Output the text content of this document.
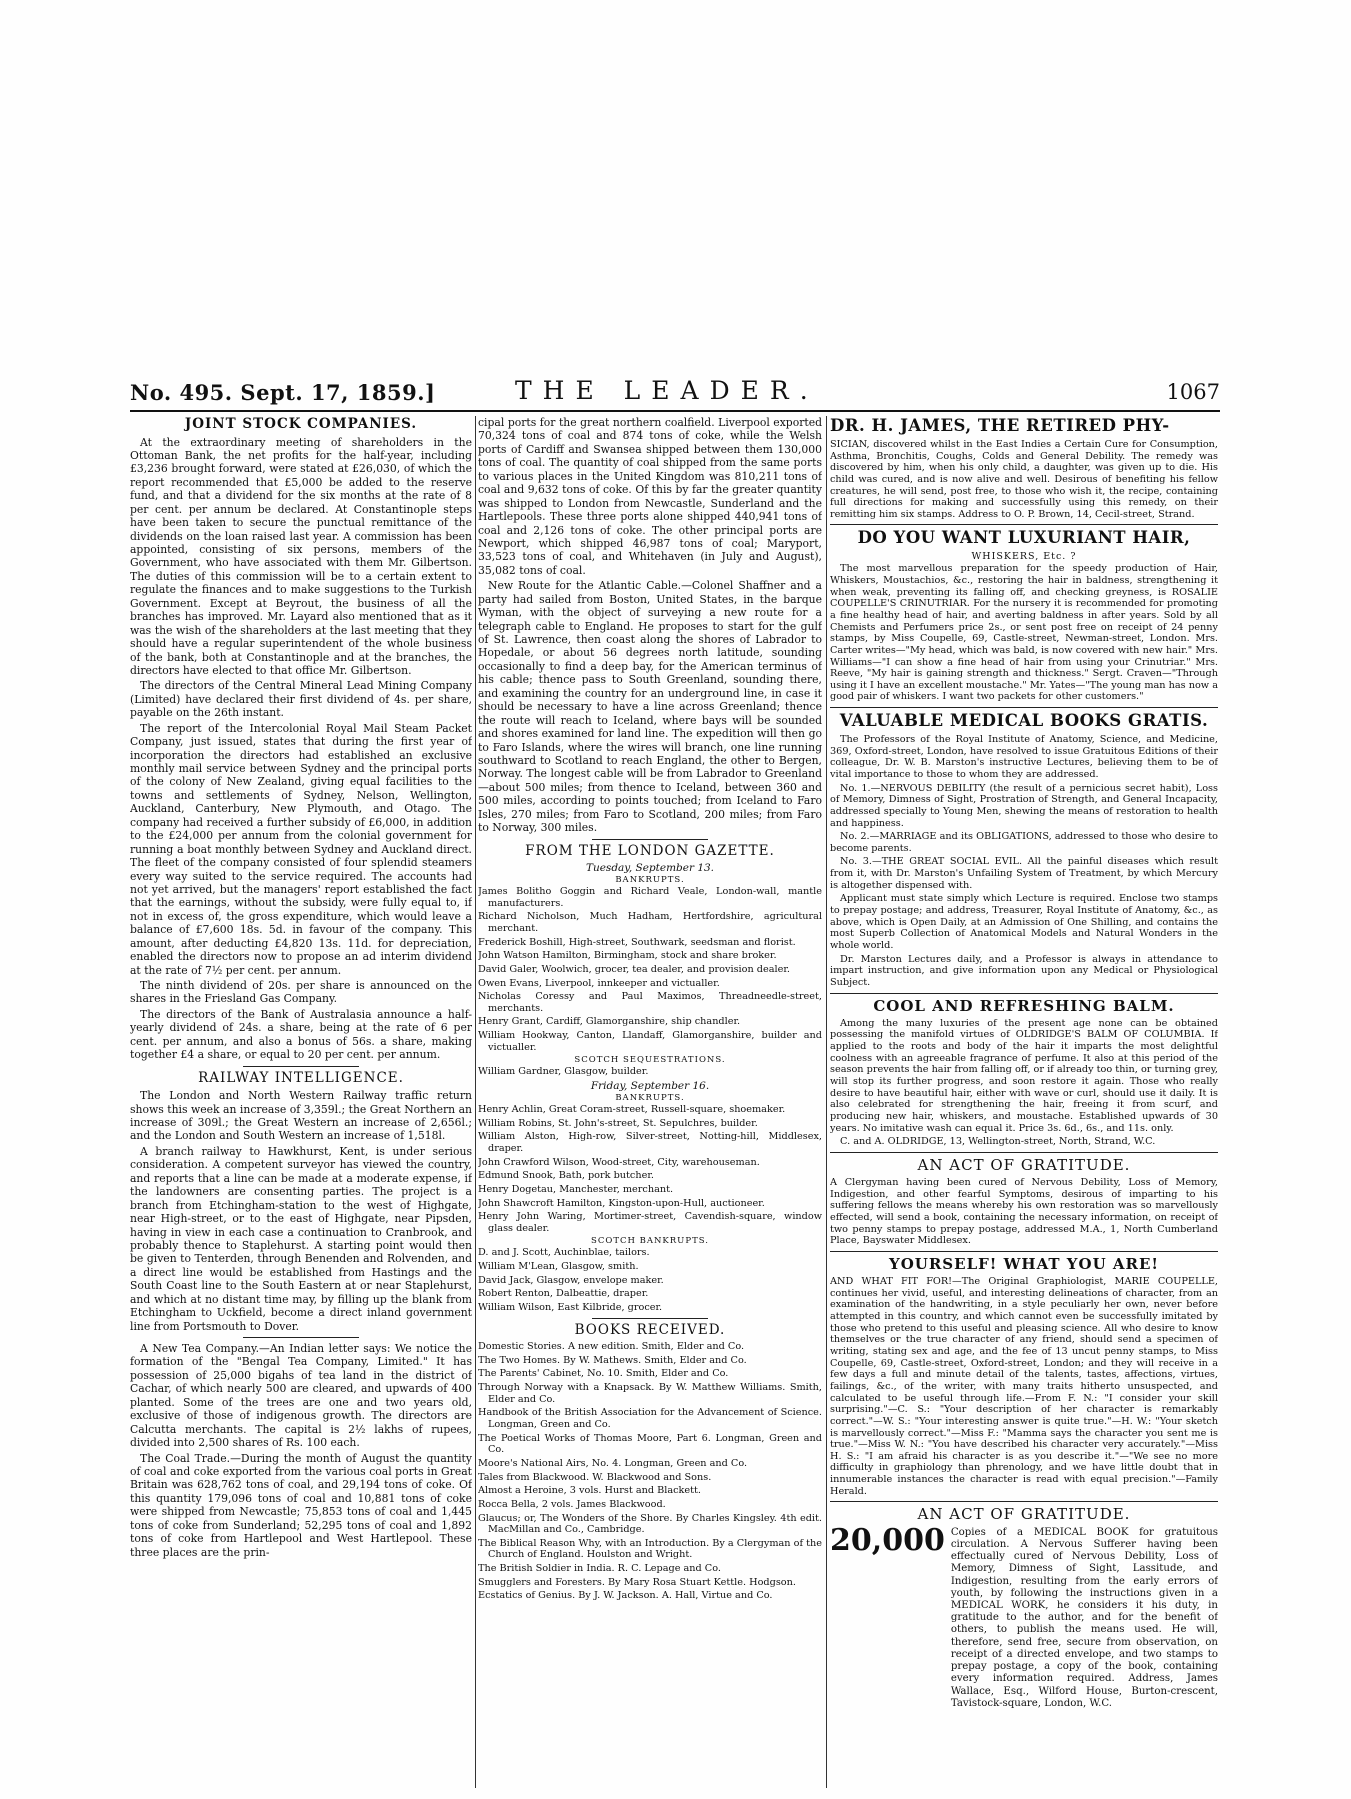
No. 495. Sept. 17, 1859.]	THE LEADER.	1067
JOINT STOCK COMPANIES.

At the extraordinary meeting of shareholders in the Ottoman Bank, the net profits for the half-year, including £3,236 brought forward, were stated at £26,030, of which the report recommended that £5,000 be added to the reserve fund, and that a dividend for the six months at the rate of 8 per cent. per annum be declared. At Constantinople steps have been taken to secure the punctual remittance of the dividends on the loan raised last year. A commission has been appointed, consisting of six persons, members of the Government, who have associated with them Mr. Gilbertson. The duties of this commission will be to a certain extent to regulate the finances and to make suggestions to the Turkish Government. Except at Beyrout, the business of all the branches has improved. Mr. Layard also mentioned that as it was the wish of the shareholders at the last meeting that they should have a regular superintendent of the whole business of the bank, both at Constantinople and at the branches, the directors have elected to that office Mr. Gilbertson.

The directors of the Central Mineral Lead Mining Company (Limited) have declared their first dividend of 4s. per share, payable on the 26th instant.

The report of the Intercolonial Royal Mail Steam Packet Company, just issued, states that during the first year of incorporation the directors had established an exclusive monthly mail service between Sydney and the principal ports of the colony of New Zealand, giving equal facilities to the towns and settlements of Sydney, Nelson, Wellington, Auckland, Canterbury, New Plymouth, and Otago. The company had received a further subsidy of £6,000, in addition to the £24,000 per annum from the colonial government for running a boat monthly between Sydney and Auckland direct. The fleet of the company consisted of four splendid steamers every way suited to the service required. The accounts had not yet arrived, but the managers' report established the fact that the earnings, without the subsidy, were fully equal to, if not in excess of, the gross expenditure, which would leave a balance of £7,600 18s. 5d. in favour of the company. This amount, after deducting £4,820 13s. 11d. for depreciation, enabled the directors now to propose an ad interim dividend at the rate of 7½ per cent. per annum.

The ninth dividend of 20s. per share is announced on the shares in the Friesland Gas Company.

The directors of the Bank of Australasia announce a half-yearly dividend of 24s. a share, being at the rate of 6 per cent. per annum, and also a bonus of 56s. a share, making together £4 a share, or equal to 20 per cent. per annum.

RAILWAY INTELLIGENCE.

The London and North Western Railway traffic return shows this week an increase of 3,359l.; the Great Northern an increase of 309l.; the Great Western an increase of 2,656l.; and the London and South Western an increase of 1,518l.

A branch railway to Hawkhurst, Kent, is under serious consideration. A competent surveyor has viewed the country, and reports that a line can be made at a moderate expense, if the landowners are consenting parties. The project is a branch from Etchingham-station to the west of Highgate, near High-street, or to the east of Highgate, near Pipsden, having in view in each case a continuation to Cranbrook, and probably thence to Staplehurst. A starting point would then be given to Tenterden, through Benenden and Rolvenden, and a direct line would be established from Hastings and the South Coast line to the South Eastern at or near Staplehurst, and which at no distant time may, by filling up the blank from Etchingham to Uckfield, become a direct inland government line from Portsmouth to Dover.

A New Tea Company.—An Indian letter says: We notice the formation of the "Bengal Tea Company, Limited." It has possession of 25,000 bigahs of tea land in the district of Cachar, of which nearly 500 are cleared, and upwards of 400 planted. Some of the trees are one and two years old, exclusive of those of indigenous growth. The directors are Calcutta merchants. The capital is 2½ lakhs of rupees, divided into 2,500 shares of Rs. 100 each.

The Coal Trade.—During the month of August the quantity of coal and coke exported from the various coal ports in Great Britain was 628,762 tons of coal, and 29,194 tons of coke. Of this quantity 179,096 tons of coal and 10,881 tons of coke were shipped from Newcastle; 75,853 tons of coal and 1,445 tons of coke from Sunderland; 52,295 tons of coal and 1,892 tons of coke from Hartlepool and West Hartlepool. These three places are the prin-

cipal ports for the great northern coalfield. Liverpool exported 70,324 tons of coal and 874 tons of coke, while the Welsh ports of Cardiff and Swansea shipped between them 130,000 tons of coal. The quantity of coal shipped from the same ports to various places in the United Kingdom was 810,211 tons of coal and 9,632 tons of coke. Of this by far the greater quantity was shipped to London from Newcastle, Sunderland and the Hartlepools. These three ports alone shipped 440,941 tons of coal and 2,126 tons of coke. The other principal ports are Newport, which shipped 46,987 tons of coal; Maryport, 33,523 tons of coal, and Whitehaven (in July and August), 35,082 tons of coal.

New Route for the Atlantic Cable.—Colonel Shaffner and a party had sailed from Boston, United States, in the barque Wyman, with the object of surveying a new route for a telegraph cable to England. He proposes to start for the gulf of St. Lawrence, then coast along the shores of Labrador to Hopedale, or about 56 degrees north latitude, sounding occasionally to find a deep bay, for the American terminus of his cable; thence pass to South Greenland, sounding there, and examining the country for an underground line, in case it should be necessary to have a line across Greenland; thence the route will reach to Iceland, where bays will be sounded and shores examined for land line. The expedition will then go to Faro Islands, where the wires will branch, one line running southward to Scotland to reach England, the other to Bergen, Norway. The longest cable will be from Labrador to Greenland—about 500 miles; from thence to Iceland, between 360 and 500 miles, according to points touched; from Iceland to Faro Isles, 270 miles; from Faro to Scotland, 200 miles; from Faro to Norway, 300 miles.

FROM THE LONDON GAZETTE.
Tuesday, September 13.
BANKRUPTS.

James Bolitho Goggin and Richard Veale, London-wall, mantle manufacturers.

Richard Nicholson, Much Hadham, Hertfordshire, agricultural merchant.

Frederick Boshill, High-street, Southwark, seedsman and florist.

John Watson Hamilton, Birmingham, stock and share broker.

David Galer, Woolwich, grocer, tea dealer, and provision dealer.

Owen Evans, Liverpool, innkeeper and victualler.

Nicholas Coressy and Paul Maximos, Threadneedle-street, merchants.

Henry Grant, Cardiff, Glamorganshire, ship chandler.

William Hookway, Canton, Llandaff, Glamorganshire, builder and victualler.

SCOTCH SEQUESTRATIONS.

William Gardner, Glasgow, builder.

Friday, September 16.
BANKRUPTS.

Henry Achlin, Great Coram-street, Russell-square, shoemaker.

William Robins, St. John's-street, St. Sepulchres, builder.

William Alston, High-row, Silver-street, Notting-hill, Middlesex, draper.

John Crawford Wilson, Wood-street, City, warehouseman.

Edmund Snook, Bath, pork butcher.

Henry Dogetau, Manchester, merchant.

John Shawcroft Hamilton, Kingston-upon-Hull, auctioneer.

Henry John Waring, Mortimer-street, Cavendish-square, window glass dealer.

SCOTCH BANKRUPTS.

D. and J. Scott, Auchinblae, tailors.

William M'Lean, Glasgow, smith.

David Jack, Glasgow, envelope maker.

Robert Renton, Dalbeattie, draper.

William Wilson, East Kilbride, grocer.

BOOKS RECEIVED.

Domestic Stories. A new edition. Smith, Elder and Co.

The Two Homes. By W. Mathews. Smith, Elder and Co.

The Parents' Cabinet, No. 10. Smith, Elder and Co.

Through Norway with a Knapsack. By W. Matthew Williams. Smith, Elder and Co.

Handbook of the British Association for the Advancement of Science. Longman, Green and Co.

The Poetical Works of Thomas Moore, Part 6. Longman, Green and Co.

Moore's National Airs, No. 4. Longman, Green and Co.

Tales from Blackwood. W. Blackwood and Sons.

Almost a Heroine, 3 vols. Hurst and Blackett.

Rocca Bella, 2 vols. James Blackwood.

Glaucus; or, The Wonders of the Shore. By Charles Kingsley. 4th edit. MacMillan and Co., Cambridge.

The Biblical Reason Why, with an Introduction. By a Clergyman of the Church of England. Houlston and Wright.

The British Soldier in India. R. C. Lepage and Co.

Smugglers and Foresters. By Mary Rosa Stuart Kettle. Hodgson.

Ecstatics of Genius. By J. W. Jackson. A. Hall, Virtue and Co.

DR. H. JAMES, THE RETIRED PHY-

SICIAN, discovered whilst in the East Indies a Certain Cure for Consumption, Asthma, Bronchitis, Coughs, Colds and General Debility. The remedy was discovered by him, when his only child, a daughter, was given up to die. His child was cured, and is now alive and well. Desirous of benefiting his fellow creatures, he will send, post free, to those who wish it, the recipe, containing full directions for making and successfully using this remedy, on their remitting him six stamps. Address to O. P. Brown, 14, Cecil-street, Strand.

DO YOU WANT LUXURIANT HAIR,
WHISKERS, Etc. ?

The most marvellous preparation for the speedy production of Hair, Whiskers, Moustachios, &c., restoring the hair in baldness, strengthening it when weak, preventing its falling off, and checking greyness, is ROSALIE COUPELLE'S CRINUTRIAR. For the nursery it is recommended for promoting a fine healthy head of hair, and averting baldness in after years. Sold by all Chemists and Perfumers price 2s., or sent post free on receipt of 24 penny stamps, by Miss Coupelle, 69, Castle-street, Newman-street, London. Mrs. Carter writes—"My head, which was bald, is now covered with new hair." Mrs. Williams—"I can show a fine head of hair from using your Crinutriar." Mrs. Reeve, "My hair is gaining strength and thickness." Sergt. Craven—"Through using it I have an excellent moustache." Mr. Yates—"The young man has now a good pair of whiskers. I want two packets for other customers."

VALUABLE MEDICAL BOOKS GRATIS.

The Professors of the Royal Institute of Anatomy, Science, and Medicine, 369, Oxford-street, London, have resolved to issue Gratuitous Editions of their colleague, Dr. W. B. Marston's instructive Lectures, believing them to be of vital importance to those to whom they are addressed.

No. 1.—NERVOUS DEBILITY (the result of a pernicious secret habit), Loss of Memory, Dimness of Sight, Prostration of Strength, and General Incapacity, addressed specially to Young Men, shewing the means of restoration to health and happiness.

No. 2.—MARRIAGE and its OBLIGATIONS, addressed to those who desire to become parents.

No. 3.—THE GREAT SOCIAL EVIL. All the painful diseases which result from it, with Dr. Marston's Unfailing System of Treatment, by which Mercury is altogether dispensed with.

Applicant must state simply which Lecture is required. Enclose two stamps to prepay postage; and address, Treasurer, Royal Institute of Anatomy, &c., as above, which is Open Daily, at an Admission of One Shilling, and contains the most Superb Collection of Anatomical Models and Natural Wonders in the whole world.

Dr. Marston Lectures daily, and a Professor is always in attendance to impart instruction, and give information upon any Medical or Physiological Subject.

COOL AND REFRESHING BALM.

Among the many luxuries of the present age none can be obtained possessing the manifold virtues of OLDRIDGE'S BALM OF COLUMBIA. If applied to the roots and body of the hair it imparts the most delightful coolness with an agreeable fragrance of perfume. It also at this period of the season prevents the hair from falling off, or if already too thin, or turning grey, will stop its further progress, and soon restore it again. Those who really desire to have beautiful hair, either with wave or curl, should use it daily. It is also celebrated for strengthening the hair, freeing it from scurf, and producing new hair, whiskers, and moustache. Established upwards of 30 years. No imitative wash can equal it. Price 3s. 6d., 6s., and 11s. only.

C. and A. OLDRIDGE, 13, Wellington-street, North, Strand, W.C.

AN ACT OF GRATITUDE.

A Clergyman having been cured of Nervous Debility, Loss of Memory, Indigestion, and other fearful Symptoms, desirous of imparting to his suffering fellows the means whereby his own restoration was so marvellously effected, will send a book, containing the necessary information, on receipt of two penny stamps to prepay postage, addressed M.A., 1, North Cumberland Place, Bayswater Middlesex.

YOURSELF! WHAT YOU ARE!

AND WHAT FIT FOR!—The Original Graphiologist, MARIE COUPELLE, continues her vivid, useful, and interesting delineations of character, from an examination of the handwriting, in a style peculiarly her own, never before attempted in this country, and which cannot even be successfully imitated by those who pretend to this useful and pleasing science. All who desire to know themselves or the true character of any friend, should send a specimen of writing, stating sex and age, and the fee of 13 uncut penny stamps, to Miss Coupelle, 69, Castle-street, Oxford-street, London; and they will receive in a few days a full and minute detail of the talents, tastes, affections, virtues, failings, &c., of the writer, with many traits hitherto unsuspected, and calculated to be useful through life.—From F. N.: "I consider your skill surprising."—C. S.: "Your description of her character is remarkably correct."—W. S.: "Your interesting answer is quite true."—H. W.: "Your sketch is marvellously correct."—Miss F.: "Mamma says the character you sent me is true."—Miss W. N.: "You have described his character very accurately."—Miss H. S.: "I am afraid his character is as you describe it."—"We see no more difficulty in graphiology than phrenology, and we have little doubt that in innumerable instances the character is read with equal precision."—Family Herald.

AN ACT OF GRATITUDE.
20,000 Copies of a MEDICAL BOOK for gratuitous circulation. A Nervous Sufferer having been effectually cured of Nervous Debility, Loss of Memory, Dimness of Sight, Lassitude, and Indigestion, resulting from the early errors of youth, by following the instructions given in a MEDICAL WORK, he considers it his duty, in gratitude to the author, and for the benefit of others, to publish the means used. He will, therefore, send free, secure from observation, on receipt of a directed envelope, and two stamps to prepay postage, a copy of the book, containing every information required. Address, James Wallace, Esq., Wilford House, Burton-crescent, Tavistock-square, London, W.C.
